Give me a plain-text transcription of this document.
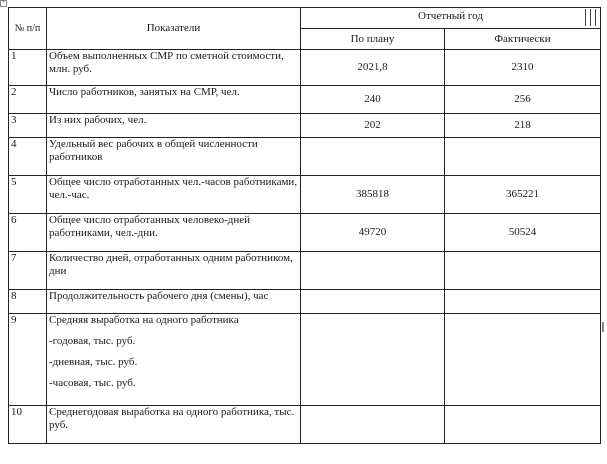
+
№ п/п	Показатели	Отчетный год	

		По плану	Фактически
1	Объем выполненных СМР по сметной стоимости, млн. руб.	2021,8	2310
2	Число работников, занятых на СМР, чел.	240	256
3	Из них рабочих, чел.	202	218
4	Удельный вес рабочих в общей численности работников		
5	Общее число отработанных чел.-часов работниками, чел.-час.	385818	365221
6	Общее число отработанных человеко-дней работниками, чел.-дни.	49720	50524
7	Количество дней, отработанных одним работником, дни		
8	Продолжительность рабочего дня (смены), час		
9	Средняя выработка на одного работника
-годовая, тыс. руб.
-дневная, тыс. руб.
-часовая, тыс. руб.		

10	Среднегодовая выработка на одного работника, тыс. руб.		
